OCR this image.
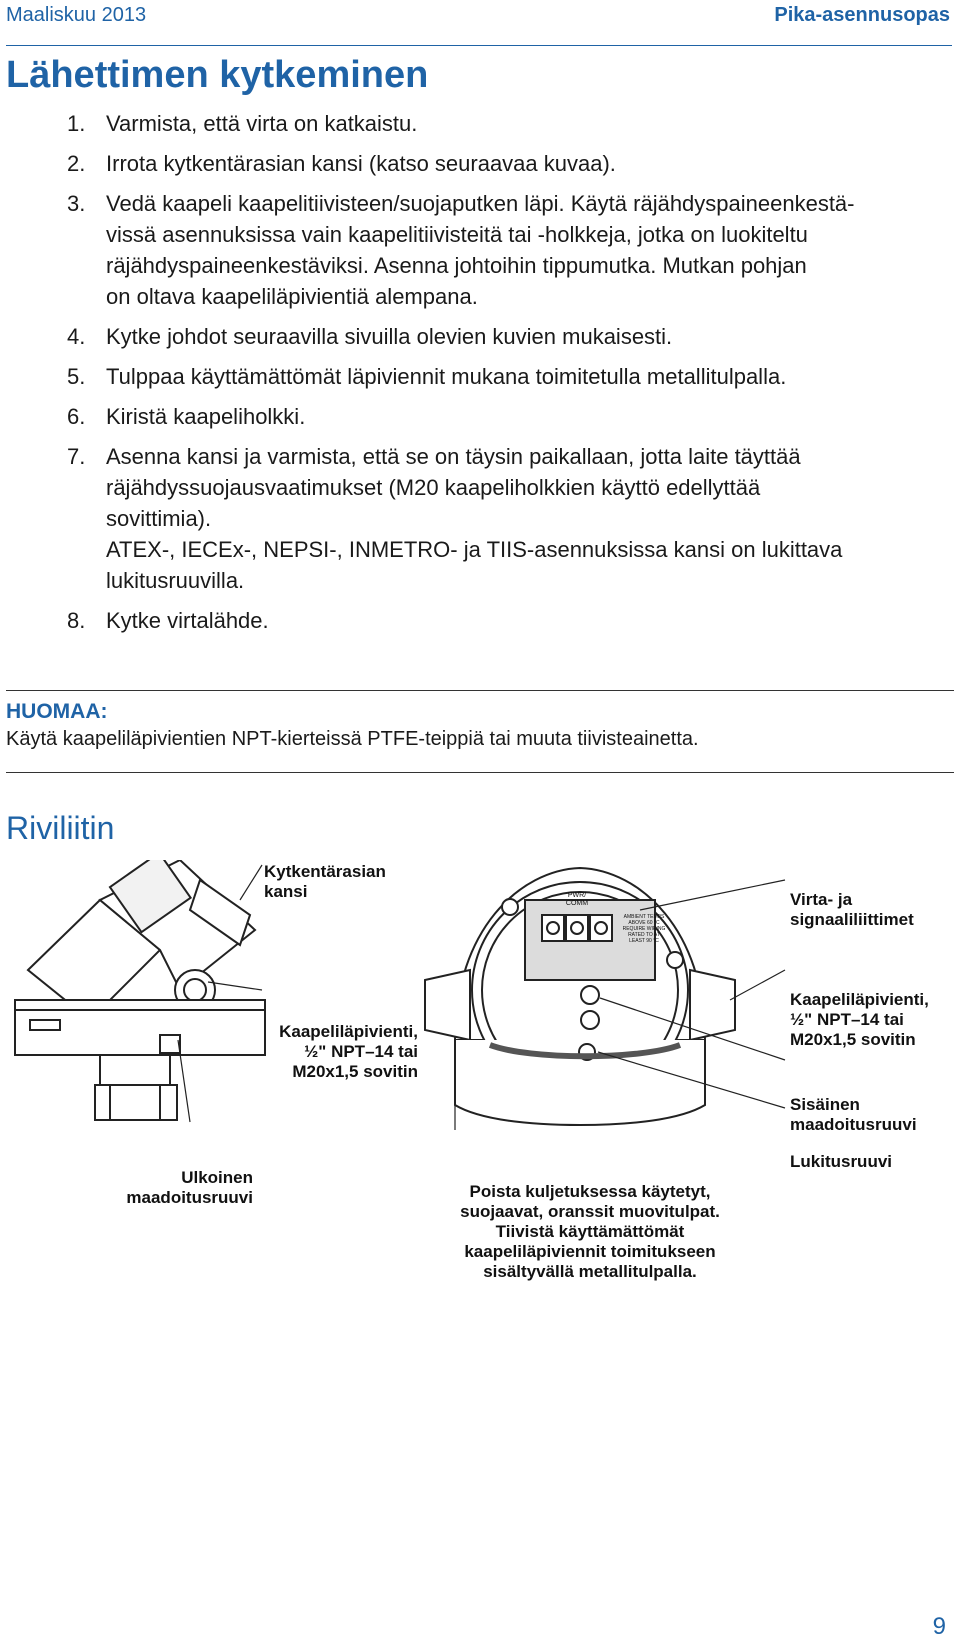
Maaliskuu 2013	Pika-asennusopas
Lähettimen kytkeminen
1. Varmista, että virta on katkaistu.
2. Irrota kytkentärasian kansi (katso seuraavaa kuvaa).
3. Vedä kaapeli kaapelitiivisteen/suojaputken läpi. Käytä räjähdyspaineenkestä-
vissä asennuksissa vain kaapelitiivisteitä tai -holkkeja, jotka on luokiteltu
räjähdyspaineenkestäviksi. Asenna johtoihin tippumutka. Mutkan pohjan
on oltava kaapeliläpivientiä alempana.
4. Kytke johdot seuraavilla sivuilla olevien kuvien mukaisesti.
5. Tulppaa käyttämättömät läpiviennit mukana toimitetulla metallitulpalla.
6. Kiristä kaapeliholkki.
7. Asenna kansi ja varmista, että se on täysin paikallaan, jotta laite täyttää
räjähdyssuojausvaatimukset (M20 kaapeliholkkien käyttö edellyttää
sovittimia).
ATEX-, IECEx-, NEPSI-, INMETRO- ja TIIS-asennuksissa kansi on lukittava
lukitusruuvilla.
8. Kytke virtalähde.
HUOMAA:
Käytä kaapeliläpivientien NPT-kierteissä PTFE-teippiä tai muuta tiivisteainetta.
Riviliitin
PWR/
COMM
AMBIENT TEMPS
ABOVE 60 °C
REQUIRE WIRING
RATED TO AT
LEAST 90 °C
Kytkentärasian
kansi
Kaapeliläpivienti,
½" NPT–14 tai
M20x1,5 sovitin
Ulkoinen
maadoitusruuvi	Poista kuljetuksessa käytetyt,
suojaavat, oranssit muovitulpat.
Tiivistä käyttämättömät
kaapeliläpiviennit toimitukseen
sisältyvällä metallitulpalla.
Virta- ja
signaaliliittimet
Kaapeliläpivienti,
½" NPT–14 tai
M20x1,5 sovitin
Sisäinen
maadoitusruuvi
Lukitusruuvi
9
